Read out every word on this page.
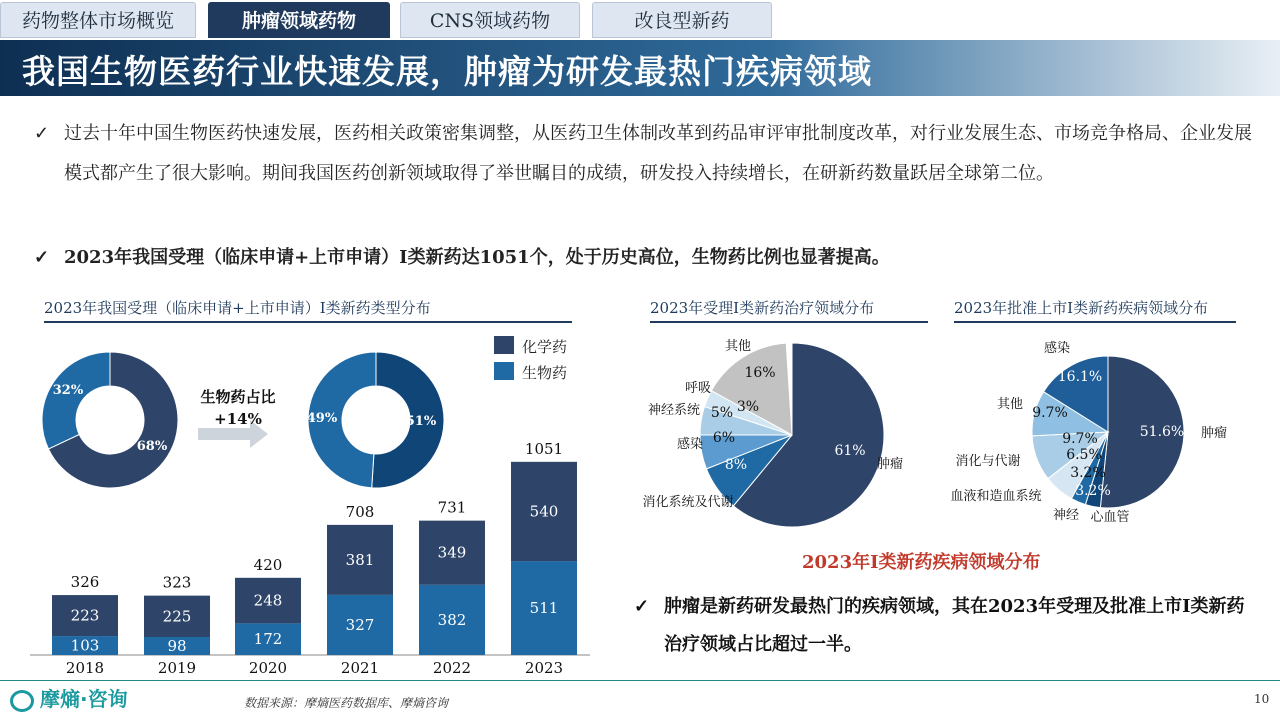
药物整体市场概览	肿瘤领域药物	CNS领域药物	改良型新药
我国生物医药行业快速发展，肿瘤为研发最热门疾病领域
✓ 过去十年中国生物医药快速发展，医药相关政策密集调整，从医药卫生体制改革到药品审评审批制度改革，对行业发展生态、市场竞争格局、企业发展模式都产生了很大影响。期间我国医药创新领域取得了举世瞩目的成绩，研发投入持续增长，在研新药数量跃居全球第二位。
✓ 2023年我国受理（临床申请+上市申请）I类新药达1051个，处于历史高位，生物药比例也显著提高。
2023年我国受理（临床申请+上市申请）I类新药类型分布	2023年受理I类新药治疗领域分布	2023年批准上市I类新药疾病领域分布
化学药
生物药
生物药占比
+14%
68%
32%
51%
49%
103
223
326
2018
98
225
323
2019
172
248
420
2020
327
381
708
2021
382
349
731
2022
511
540
1051
2023
61%
8%
6%
5% 3%
16%
肿瘤
消化系统及代谢
感染
神经系统
呼吸
其他
51.6%
3.2%
3.2%
6.5%
9.7%
9.7%
16.1%
肿瘤
心血管
神经
血液和造血系统
消化与代谢
其他
感染
2023年I类新药疾病领域分布
✓ 肿瘤是新药研发最热门的疾病领域，其在2023年受理及批准上市I类新药治疗领域占比超过一半。
摩熵·咨询	数据来源：摩熵医药数据库、摩熵咨询	10
